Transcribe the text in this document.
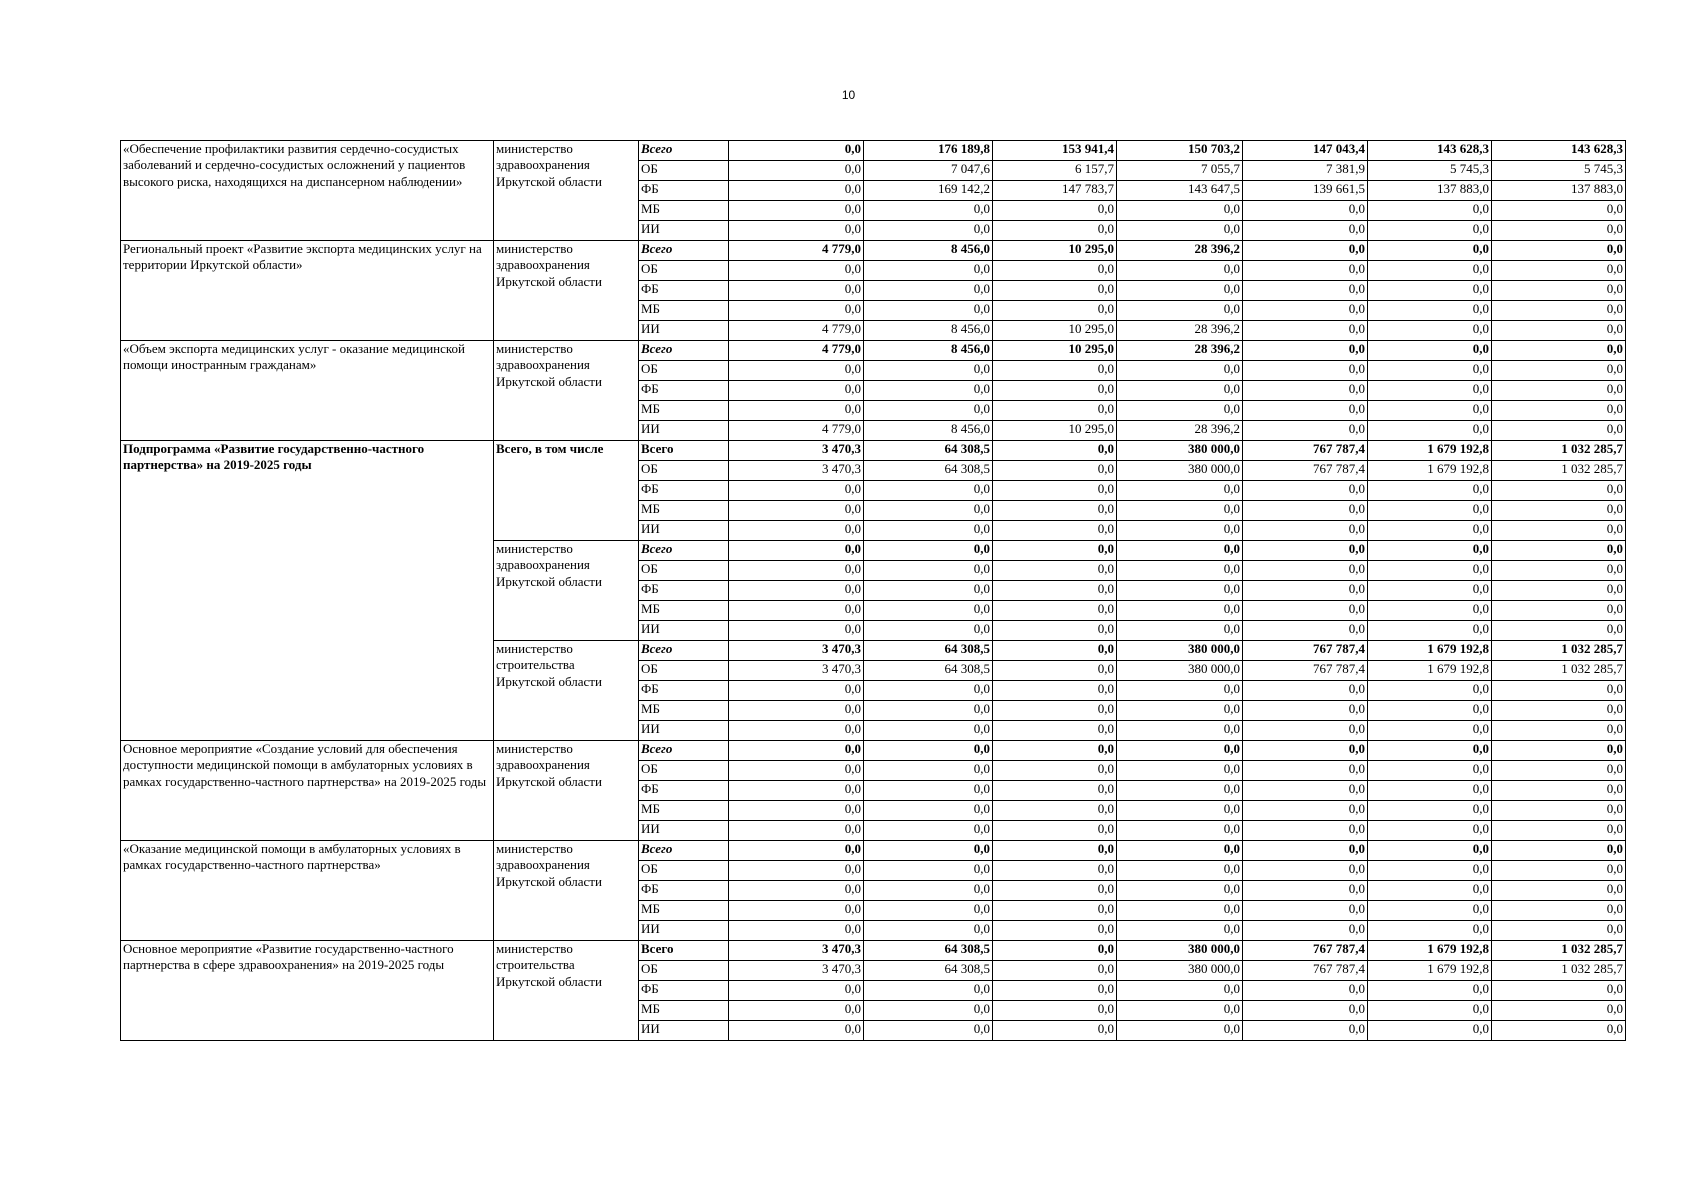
10
«Обеспечение профилактики развития сердечно-сосудистых заболеваний и сердечно-сосудистых осложнений у пациентов высокого риска, находящихся на диспансерном наблюдении»	министерство здравоохранения Иркутской области	Всего	0,0	176 189,8	153 941,4	150 703,2	147 043,4	143 628,3	143 628,3
		ОБ	0,0	7 047,6	6 157,7	7 055,7	7 381,9	5 745,3	5 745,3
		ФБ	0,0	169 142,2	147 783,7	143 647,5	139 661,5	137 883,0	137 883,0
		МБ	0,0	0,0	0,0	0,0	0,0	0,0	0,0
		ИИ	0,0	0,0	0,0	0,0	0,0	0,0	0,0
Региональный проект «Развитие экспорта медицинских услуг на территории Иркутской области»	министерство здравоохранения Иркутской области	Всего	4 779,0	8 456,0	10 295,0	28 396,2	0,0	0,0	0,0
		ОБ	0,0	0,0	0,0	0,0	0,0	0,0	0,0
		ФБ	0,0	0,0	0,0	0,0	0,0	0,0	0,0
		МБ	0,0	0,0	0,0	0,0	0,0	0,0	0,0
		ИИ	4 779,0	8 456,0	10 295,0	28 396,2	0,0	0,0	0,0
«Объем экспорта медицинских услуг - оказание медицинской помощи иностранным гражданам»	министерство здравоохранения Иркутской области	Всего	4 779,0	8 456,0	10 295,0	28 396,2	0,0	0,0	0,0
		ОБ	0,0	0,0	0,0	0,0	0,0	0,0	0,0
		ФБ	0,0	0,0	0,0	0,0	0,0	0,0	0,0
		МБ	0,0	0,0	0,0	0,0	0,0	0,0	0,0
		ИИ	4 779,0	8 456,0	10 295,0	28 396,2	0,0	0,0	0,0
Подпрограмма «Развитие государственно-частного партнерства» на 2019-2025 годы	Всего, в том числе	Всего	3 470,3	64 308,5	0,0	380 000,0	767 787,4	1 679 192,8	1 032 285,7
		ОБ	3 470,3	64 308,5	0,0	380 000,0	767 787,4	1 679 192,8	1 032 285,7
		ФБ	0,0	0,0	0,0	0,0	0,0	0,0	0,0
		МБ	0,0	0,0	0,0	0,0	0,0	0,0	0,0
		ИИ	0,0	0,0	0,0	0,0	0,0	0,0	0,0
	министерство здравоохранения Иркутской области	Всего	0,0	0,0	0,0	0,0	0,0	0,0	0,0
		ОБ	0,0	0,0	0,0	0,0	0,0	0,0	0,0
		ФБ	0,0	0,0	0,0	0,0	0,0	0,0	0,0
		МБ	0,0	0,0	0,0	0,0	0,0	0,0	0,0
		ИИ	0,0	0,0	0,0	0,0	0,0	0,0	0,0
	министерство строительства Иркутской области	Всего	3 470,3	64 308,5	0,0	380 000,0	767 787,4	1 679 192,8	1 032 285,7
		ОБ	3 470,3	64 308,5	0,0	380 000,0	767 787,4	1 679 192,8	1 032 285,7
		ФБ	0,0	0,0	0,0	0,0	0,0	0,0	0,0
		МБ	0,0	0,0	0,0	0,0	0,0	0,0	0,0
		ИИ	0,0	0,0	0,0	0,0	0,0	0,0	0,0
Основное мероприятие «Создание условий для обеспечения доступности медицинской помощи в амбулаторных условиях в рамках государственно-частного партнерства» на 2019-2025 годы	министерство здравоохранения Иркутской области	Всего	0,0	0,0	0,0	0,0	0,0	0,0	0,0
		ОБ	0,0	0,0	0,0	0,0	0,0	0,0	0,0
		ФБ	0,0	0,0	0,0	0,0	0,0	0,0	0,0
		МБ	0,0	0,0	0,0	0,0	0,0	0,0	0,0
		ИИ	0,0	0,0	0,0	0,0	0,0	0,0	0,0
«Оказание медицинской помощи в амбулаторных условиях в рамках государственно-частного партнерства»	министерство здравоохранения Иркутской области	Всего	0,0	0,0	0,0	0,0	0,0	0,0	0,0
		ОБ	0,0	0,0	0,0	0,0	0,0	0,0	0,0
		ФБ	0,0	0,0	0,0	0,0	0,0	0,0	0,0
		МБ	0,0	0,0	0,0	0,0	0,0	0,0	0,0
		ИИ	0,0	0,0	0,0	0,0	0,0	0,0	0,0
Основное мероприятие «Развитие государственно-частного партнерства в сфере здравоохранения» на 2019-2025 годы	министерство строительства Иркутской области	Всего	3 470,3	64 308,5	0,0	380 000,0	767 787,4	1 679 192,8	1 032 285,7
		ОБ	3 470,3	64 308,5	0,0	380 000,0	767 787,4	1 679 192,8	1 032 285,7
		ФБ	0,0	0,0	0,0	0,0	0,0	0,0	0,0
		МБ	0,0	0,0	0,0	0,0	0,0	0,0	0,0
		ИИ	0,0	0,0	0,0	0,0	0,0	0,0	0,0
